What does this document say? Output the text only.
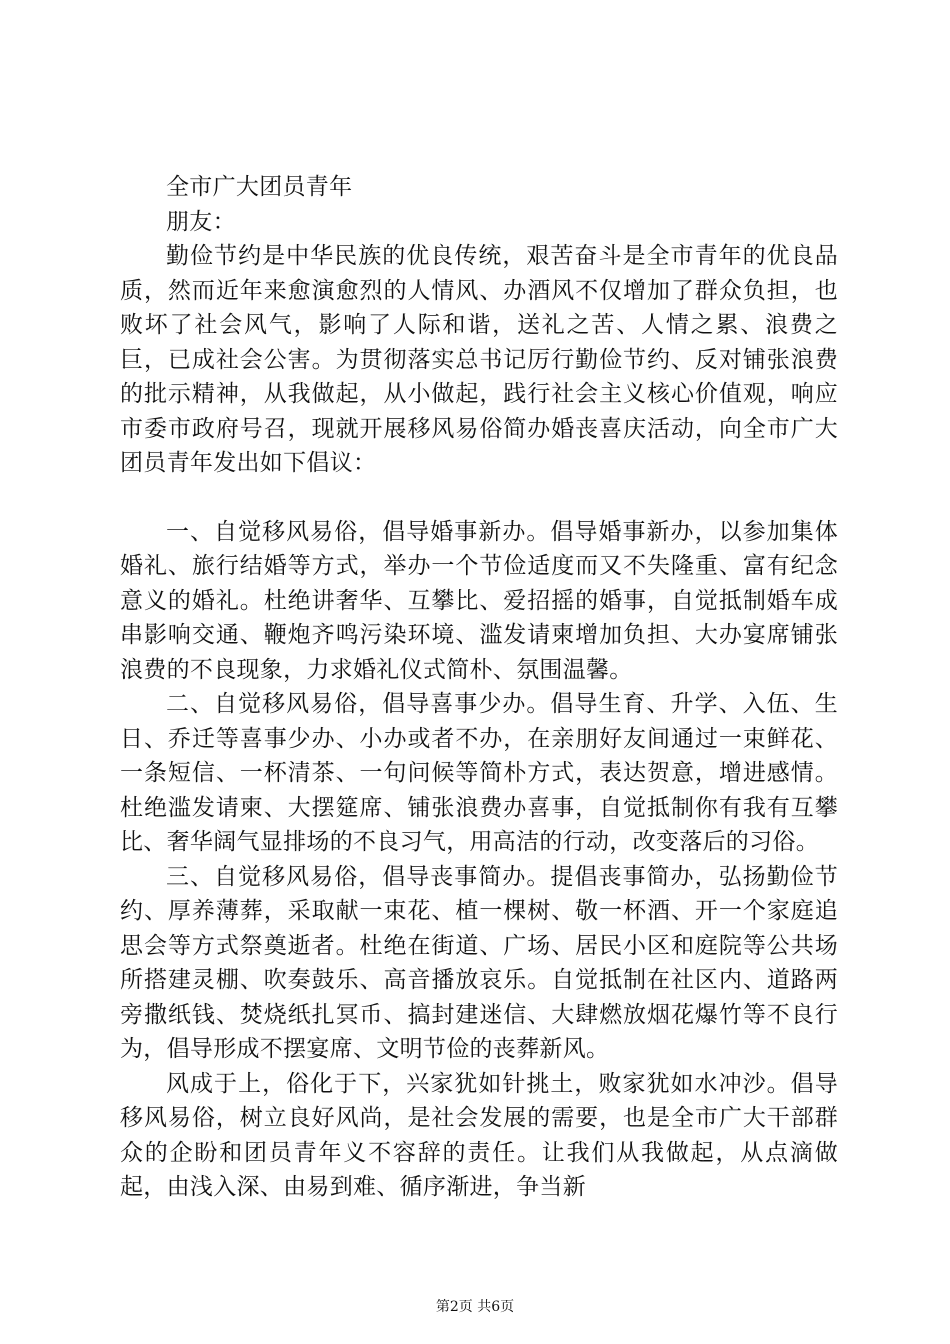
全市广大团员青年

朋友：

勤俭节约是中华民族的优良传统，艰苦奋斗是全市青年的优良品质，然而近年来愈演愈烈的人情风、办酒风不仅增加了群众负担，也败坏了社会风气，影响了人际和谐，送礼之苦、人情之累、浪费之巨，已成社会公害。为贯彻落实总书记厉行勤俭节约、反对铺张浪费的批示精神，从我做起，从小做起，践行社会主义核心价值观，响应市委市政府号召，现就开展移风易俗简办婚丧喜庆活动，向全市广大团员青年发出如下倡议：

一、自觉移风易俗，倡导婚事新办。倡导婚事新办，以参加集体婚礼、旅行结婚等方式，举办一个节俭适度而又不失隆重、富有纪念意义的婚礼。杜绝讲奢华、互攀比、爱招摇的婚事，自觉抵制婚车成串影响交通、鞭炮齐鸣污染环境、滥发请柬增加负担、大办宴席铺张浪费的不良现象，力求婚礼仪式简朴、氛围温馨。

二、自觉移风易俗，倡导喜事少办。倡导生育、升学、入伍、生日、乔迁等喜事少办、小办或者不办，在亲朋好友间通过一束鲜花、一条短信、一杯清茶、一句问候等简朴方式，表达贺意，增进感情。杜绝滥发请柬、大摆筵席、铺张浪费办喜事，自觉抵制你有我有互攀比、奢华阔气显排场的不良习气，用高洁的行动，改变落后的习俗。

三、自觉移风易俗，倡导丧事简办。提倡丧事简办，弘扬勤俭节约、厚养薄葬，采取献一束花、植一棵树、敬一杯酒、开一个家庭追思会等方式祭奠逝者。杜绝在街道、广场、居民小区和庭院等公共场所搭建灵棚、吹奏鼓乐、高音播放哀乐。自觉抵制在社区内、道路两旁撒纸钱、焚烧纸扎冥币、搞封建迷信、大肆燃放烟花爆竹等不良行为，倡导形成不摆宴席、文明节俭的丧葬新风。

风成于上，俗化于下，兴家犹如针挑土，败家犹如水冲沙。倡导移风易俗，树立良好风尚，是社会发展的需要，也是全市广大干部群众的企盼和团员青年义不容辞的责任。让我们从我做起，从点滴做起，由浅入深、由易到难、循序渐进，争当新

第2页 共6页
